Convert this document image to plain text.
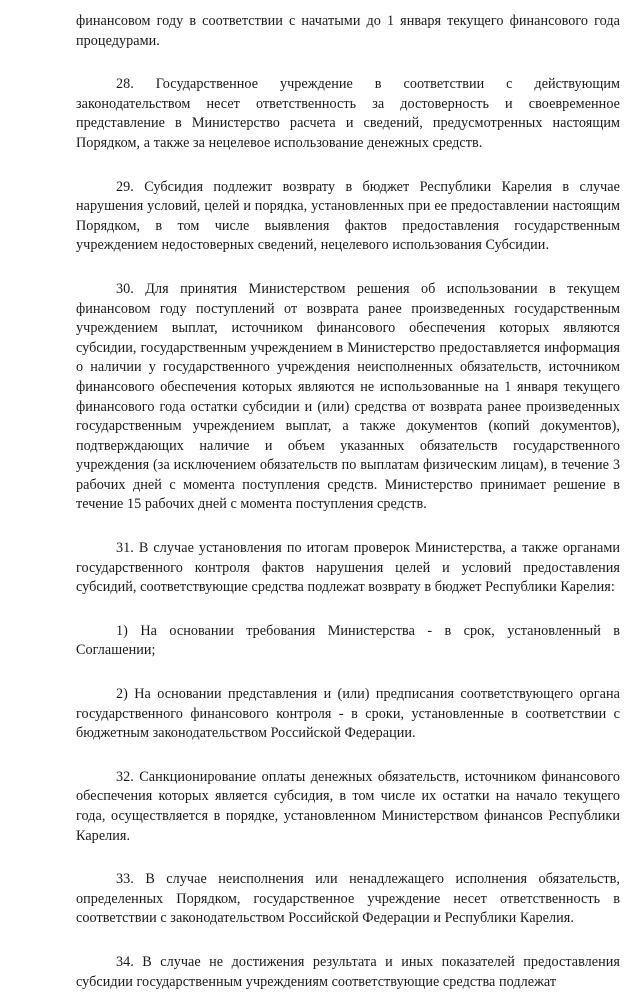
финансовом году в соответствии с начатыми до 1 января текущего финансового года процедурами.

28. Государственное учреждение в соответствии с действующим законодательством несет ответственность за достоверность и своевременное представление в Министерство расчета и сведений, предусмотренных настоящим Порядком, а также за нецелевое использование денежных средств.

29. Субсидия подлежит возврату в бюджет Республики Карелия в случае нарушения условий, целей и порядка, установленных при ее предоставлении настоящим Порядком, в том числе выявления фактов предоставления государственным учреждением недостоверных сведений, нецелевого использования Субсидии.

30. Для принятия Министерством решения об использовании в текущем финансовом году поступлений от возврата ранее произведенных государственным учреждением выплат, источником финансового обеспечения которых являются субсидии, государственным учреждением в Министерство предоставляется информация о наличии у государственного учреждения неисполненных обязательств, источником финансового обеспечения которых являются не использованные на 1 января текущего финансового года остатки субсидии и (или) средства от возврата ранее произведенных государственным учреждением выплат, а также документов (копий документов), подтверждающих наличие и объем указанных обязательств государственного учреждения (за исключением обязательств по выплатам физическим лицам), в течение 3 рабочих дней с момента поступления средств. Министерство принимает решение в течение 15 рабочих дней с момента поступления средств.

31. В случае установления по итогам проверок Министерства, а также органами государственного контроля фактов нарушения целей и условий предоставления субсидий, соответствующие средства подлежат возврату в бюджет Республики Карелия:

1) На основании требования Министерства - в срок, установленный в Соглашении;

2) На основании представления и (или) предписания соответствующего органа государственного финансового контроля - в сроки, установленные в соответствии с бюджетным законодательством Российской Федерации.

32. Санкционирование оплаты денежных обязательств, источником финансового обеспечения которых является субсидия, в том числе их остатки на начало текущего года, осуществляется в порядке, установленном Министерством финансов Республики Карелия.

33. В случае неисполнения или ненадлежащего исполнения обязательств, определенных Порядком, государственное учреждение несет ответственность в соответствии с законодательством Российской Федерации и Республики Карелия.

34. В случае не достижения результата и иных показателей предоставления субсидии государственным учреждениям соответствующие средства подлежат
